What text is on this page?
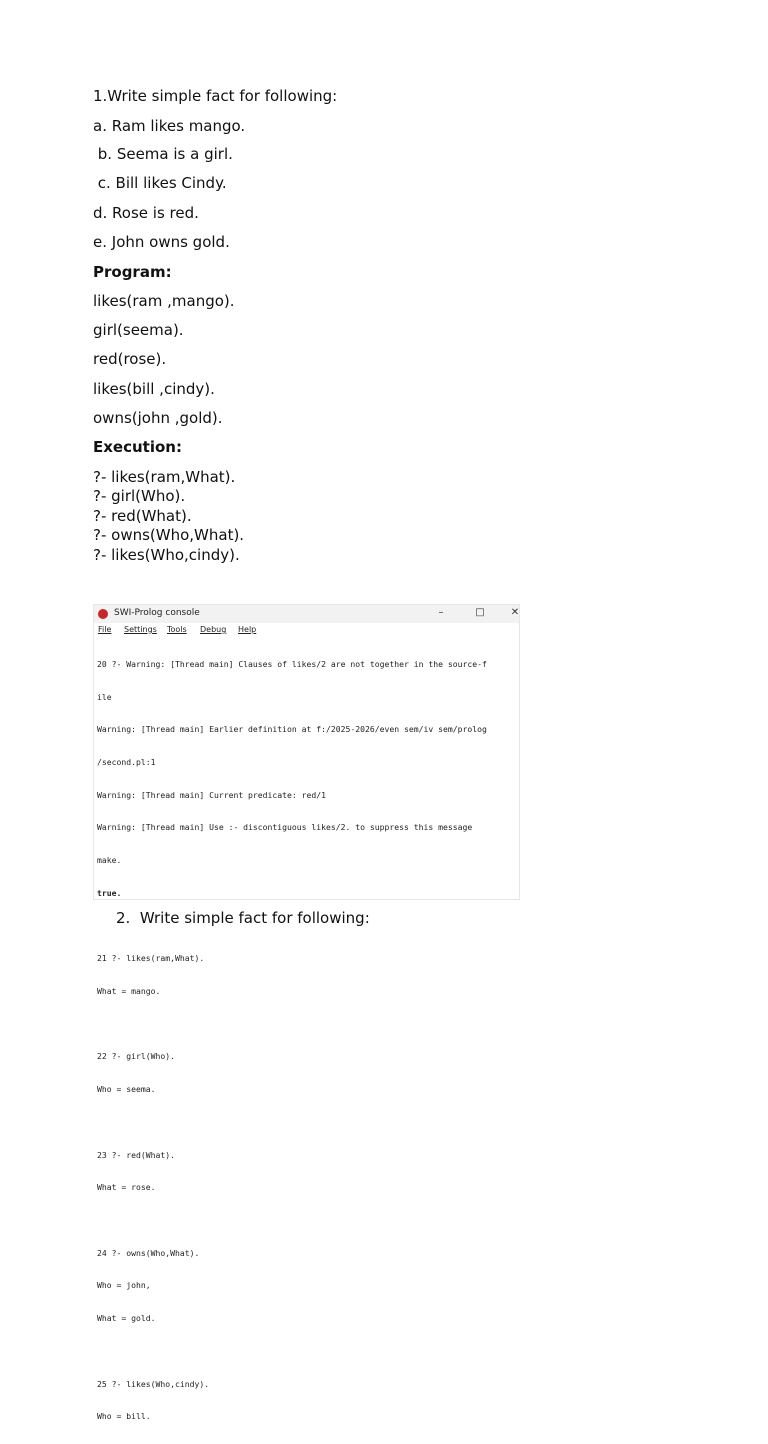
1.Write simple fact for following:
a. Ram likes mango.
b. Seema is a girl.
c. Bill likes Cindy.
d. Rose is red.
e. John owns gold.
Program:
likes(ram ,mango).
girl(seema).
red(rose).
likes(bill ,cindy).
owns(john ,gold).
Execution:
?- likes(ram,What).
?- girl(Who).
?- red(What).
?- owns(Who,What).
?- likes(Who,cindy).
SWI-Prolog console	–	□	✕
File Settings Tools Debug Help

20 ?- Warning: [Thread main] Clauses of likes/2 are not together in the source-f

ile

Warning: [Thread main] Earlier definition at f:/2025-2026/even sem/iv sem/prolog

/second.pl:1

Warning: [Thread main] Current predicate: red/1

Warning: [Thread main] Use :- discontiguous likes/2. to suppress this message

make.

true.

21 ?- likes(ram,What).

What = mango.

22 ?- girl(Who).

Who = seema.

23 ?- red(What).

What = rose.

24 ?- owns(Who,What).

Who = john,

What = gold.

25 ?- likes(Who,cindy).

Who = bill.

2.  Write simple fact for following:
